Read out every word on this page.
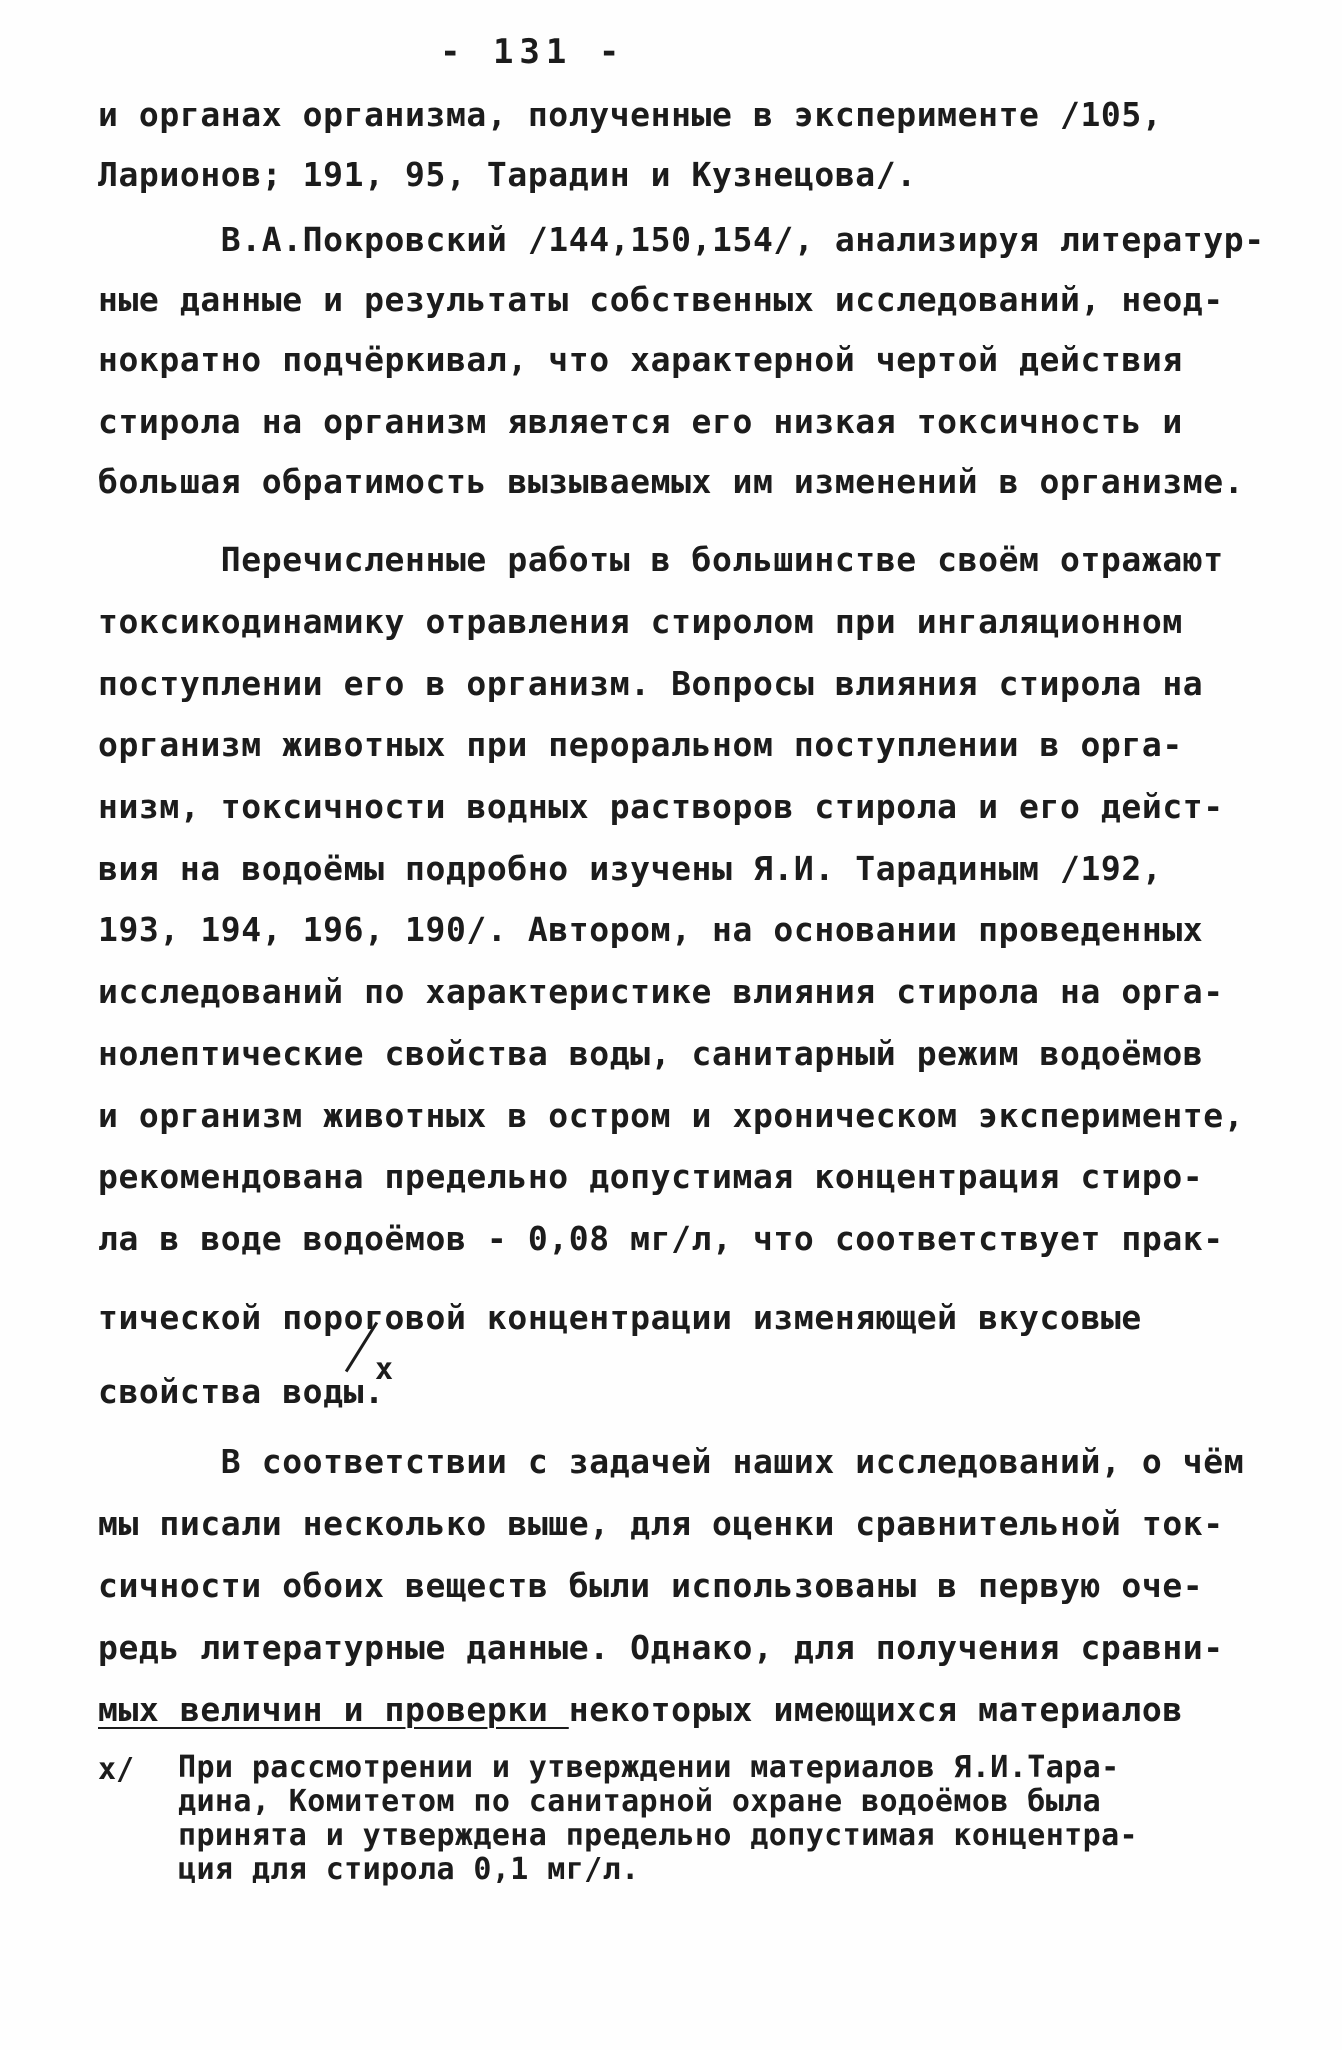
- 131 -
и органах организма, полученные в эксперименте /105,
Ларионов; 191, 95, Тарадин и Кузнецова/.
В.А.Покровский /144,150,154/, анализируя литератур-
ные данные и результаты собственных исследований, неод-
нократно подчёркивал, что характерной чертой действия
стирола на организм является его низкая токсичность и
большая обратимость вызываемых им изменений в организме.
Перечисленные работы в большинстве своём отражают
токсикодинамику отравления стиролом при ингаляционном
поступлении его в организм. Вопросы влияния стирола на
организм животных при пероральном поступлении в орга-
низм, токсичности водных растворов стирола и его дейст-
вия на водоёмы подробно изучены Я.И. Тарадиным /192,
193, 194, 196, 190/. Автором, на основании проведенных
исследований по характеристике влияния стирола на орга-
нолептические свойства воды, санитарный режим водоёмов
и организм животных в остром и хроническом эксперименте,
рекомендована предельно допустимая концентрация стиро-
ла в воде водоёмов - 0,08 мг/л, что соответствует прак-
тической пороговой концентрации изменяющей вкусовые
x
свойства воды.
В соответствии с задачей наших исследований, о чём
мы писали несколько выше, для оценки сравнительной ток-
сичности обоих веществ были использованы в первую оче-
редь литературные данные. Однако, для получения сравни-
мых величин и проверки некоторых имеющихся материалов
x/ При рассмотрении и утверждении материалов Я.И.Тара-
дина, Комитетом по санитарной охране водоёмов была
принята и утверждена предельно допустимая концентра-
ция для стирола 0,1 мг/л.
